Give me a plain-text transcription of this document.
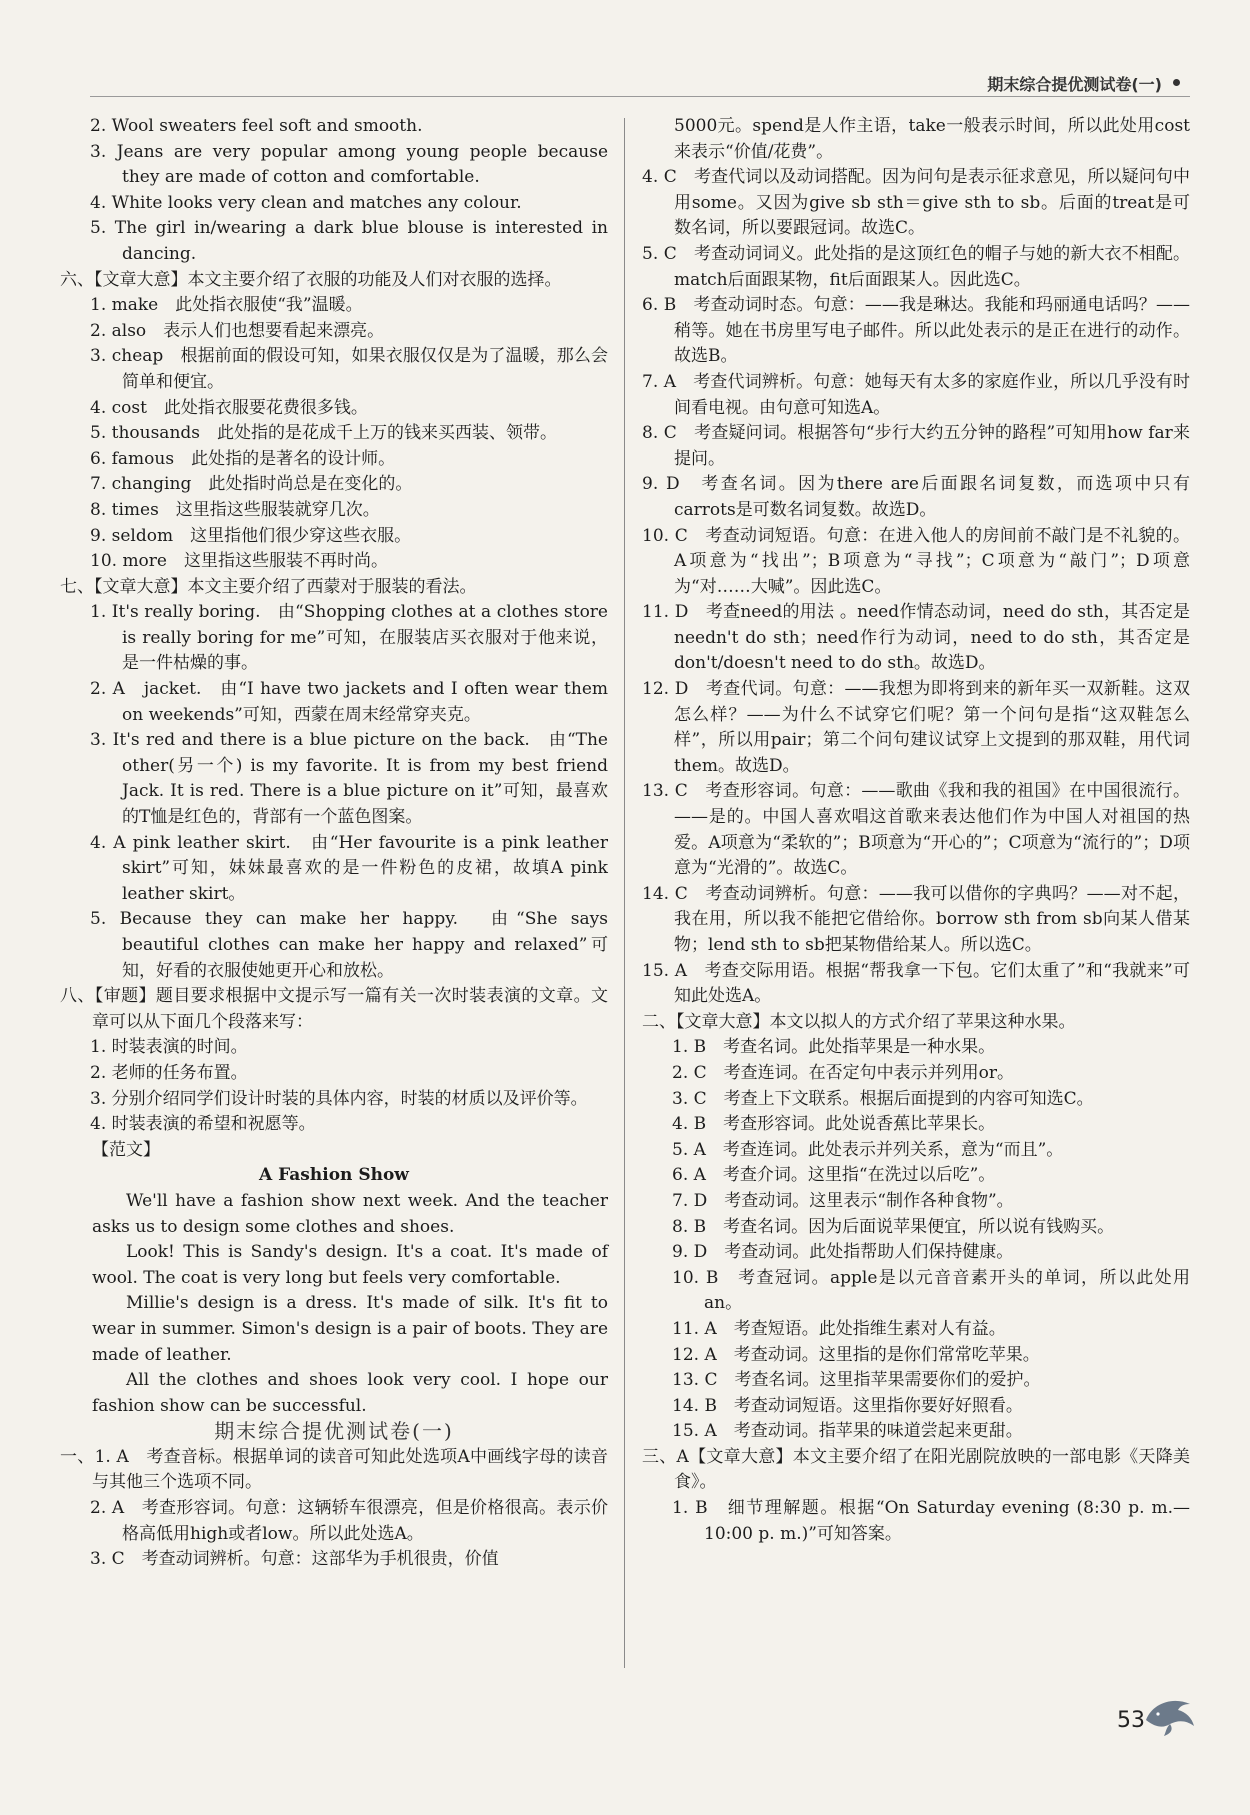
期末综合提优测试卷(一)

2. Wool sweaters feel soft and smooth.

3. Jeans are very popular among young people because they are made of cotton and comfortable.

4. White looks very clean and matches any colour.

5. The girl in/wearing a dark blue blouse is interested in dancing.

六、【文章大意】本文主要介绍了衣服的功能及人们对衣服的选择。

1. make　此处指衣服使“我”温暖。

2. also　表示人们也想要看起来漂亮。

3. cheap　根据前面的假设可知，如果衣服仅仅是为了温暖，那么会简单和便宜。

4. cost　此处指衣服要花费很多钱。

5. thousands　此处指的是花成千上万的钱来买西装、领带。

6. famous　此处指的是著名的设计师。

7. changing　此处指时尚总是在变化的。

8. times　这里指这些服装就穿几次。

9. seldom　这里指他们很少穿这些衣服。

10. more　这里指这些服装不再时尚。

七、【文章大意】本文主要介绍了西蒙对于服装的看法。

1. It's really boring.　由“Shopping clothes at a clothes store is really boring for me”可知，在服装店买衣服对于他来说，是一件枯燥的事。

2. A　jacket.　由“I have two jackets and I often wear them on weekends”可知，西蒙在周末经常穿夹克。

3. It's red and there is a blue picture on the back.　由“The other(另一个) is my favorite. It is from my best friend Jack. It is red. There is a blue picture on it”可知，最喜欢的T恤是红色的，背部有一个蓝色图案。

4. A pink leather skirt.　由“Her favourite is a pink leather skirt”可知，妹妹最喜欢的是一件粉色的皮裙，故填A pink leather skirt。

5. Because they can make her happy.　由“She says beautiful clothes can make her happy and relaxed”可知，好看的衣服使她更开心和放松。

八、【审题】题目要求根据中文提示写一篇有关一次时装表演的文章。文章可以从下面几个段落来写：

1. 时装表演的时间。

2. 老师的任务布置。

3. 分别介绍同学们设计时装的具体内容，时装的材质以及评价等。

4. 时装表演的希望和祝愿等。

【范文】

A Fashion Show

We'll have a fashion show next week. And the teacher asks us to design some clothes and shoes.

Look! This is Sandy's design. It's a coat. It's made of wool. The coat is very long but feels very comfortable.

Millie's design is a dress. It's made of silk. It's fit to wear in summer. Simon's design is a pair of boots. They are made of leather.

All the clothes and shoes look very cool. I hope our fashion show can be successful.

期末综合提优测试卷(一)

一、1. A　考查音标。根据单词的读音可知此处选项A中画线字母的读音与其他三个选项不同。

2. A　考查形容词。句意：这辆轿车很漂亮，但是价格很高。表示价格高低用high或者low。所以此处选A。

3. C　考查动词辨析。句意：这部华为手机很贵，价值

5000元。spend是人作主语，take一般表示时间，所以此处用cost来表示“价值/花费”。

4. C　考查代词以及动词搭配。因为问句是表示征求意见，所以疑问句中用some。又因为give sb sth＝give sth to sb。后面的treat是可数名词，所以要跟冠词。故选C。

5. C　考查动词词义。此处指的是这顶红色的帽子与她的新大衣不相配。match后面跟某物，fit后面跟某人。因此选C。

6. B　考查动词时态。句意：——我是琳达。我能和玛丽通电话吗？——稍等。她在书房里写电子邮件。所以此处表示的是正在进行的动作。故选B。

7. A　考查代词辨析。句意：她每天有太多的家庭作业，所以几乎没有时间看电视。由句意可知选A。

8. C　考查疑问词。根据答句“步行大约五分钟的路程”可知用how far来提问。

9. D　考查名词。因为there are后面跟名词复数，而选项中只有carrots是可数名词复数。故选D。

10. C　考查动词短语。句意：在进入他人的房间前不敲门是不礼貌的。A项意为“找出”；B项意为“寻找”；C项意为“敲门”；D项意为“对……大喊”。因此选C。

11. D　考查need的用法 。need作情态动词，need do sth，其否定是needn't do sth；need作行为动词，need to do sth，其否定是don't/doesn't need to do sth。故选D。

12. D　考查代词。句意：——我想为即将到来的新年买一双新鞋。这双怎么样？——为什么不试穿它们呢？第一个问句是指“这双鞋怎么样”，所以用pair；第二个问句建议试穿上文提到的那双鞋，用代词them。故选D。

13. C　考查形容词。句意：——歌曲《我和我的祖国》在中国很流行。——是的。中国人喜欢唱这首歌来表达他们作为中国人对祖国的热爱。A项意为“柔软的”；B项意为“开心的”；C项意为“流行的”；D项意为“光滑的”。故选C。

14. C　考查动词辨析。句意：——我可以借你的字典吗？——对不起，我在用，所以我不能把它借给你。borrow sth from sb向某人借某物；lend sth to sb把某物借给某人。所以选C。

15. A　考查交际用语。根据“帮我拿一下包。它们太重了”和“我就来”可知此处选A。

二、【文章大意】本文以拟人的方式介绍了苹果这种水果。

1. B　考查名词。此处指苹果是一种水果。

2. C　考查连词。在否定句中表示并列用or。

3. C　考查上下文联系。根据后面提到的内容可知选C。

4. B　考查形容词。此处说香蕉比苹果长。

5. A　考查连词。此处表示并列关系，意为“而且”。

6. A　考查介词。这里指“在洗过以后吃”。

7. D　考查动词。这里表示“制作各种食物”。

8. B　考查名词。因为后面说苹果便宜，所以说有钱购买。

9. D　考查动词。此处指帮助人们保持健康。

10. B　考查冠词。apple是以元音音素开头的单词，所以此处用an。

11. A　考查短语。此处指维生素对人有益。

12. A　考查动词。这里指的是你们常常吃苹果。

13. C　考查名词。这里指苹果需要你们的爱护。

14. B　考查动词短语。这里指你要好好照看。

15. A　考查动词。指苹果的味道尝起来更甜。

三、A【文章大意】本文主要介绍了在阳光剧院放映的一部电影《天降美食》。

1. B　细节理解题。根据“On Saturday evening (8:30 p. m.—10:00 p. m.)”可知答案。

53
